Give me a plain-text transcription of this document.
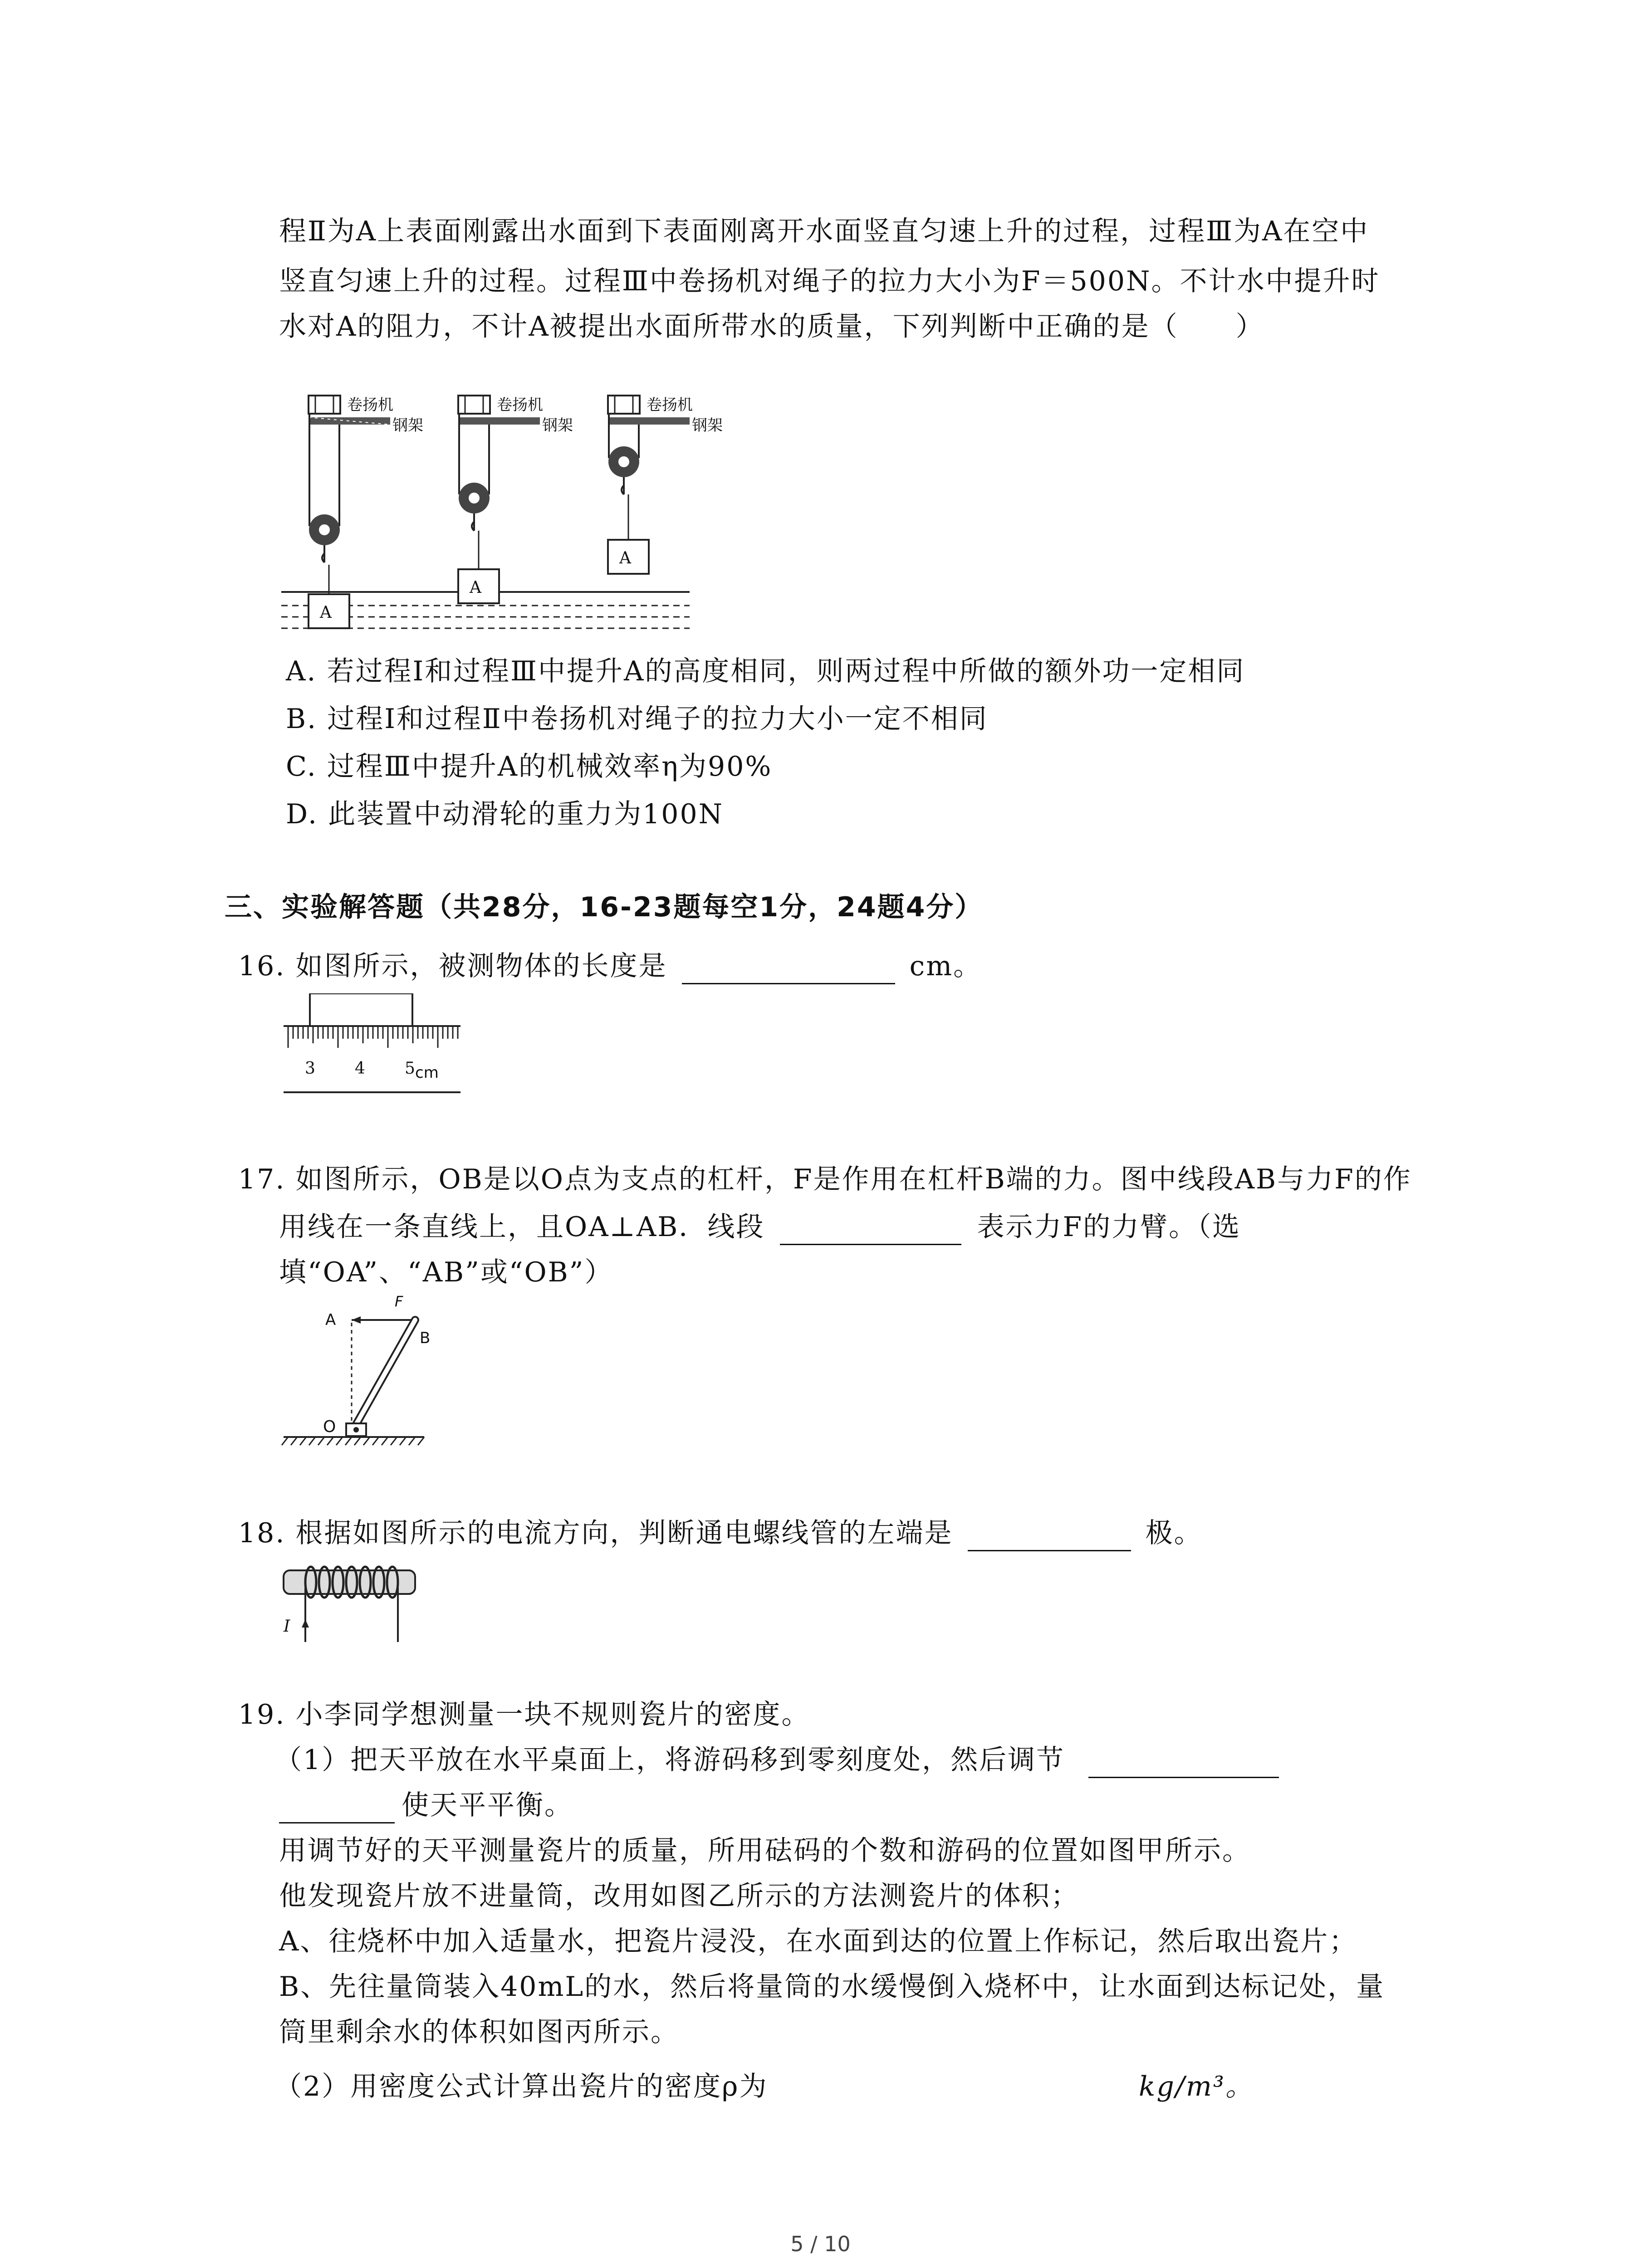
程Ⅱ为A上表面刚露出水面到下表面刚离开水面竖直匀速上升的过程，过程Ⅲ为A在空中
竖直匀速上升的过程。过程Ⅲ中卷扬机对绳子的拉力大小为F＝500N。不计水中提升时
水对A的阻力，不计A被提出水面所带水的质量，下列判断中正确的是（　　）
卷扬机
钢架
卷扬机
钢架
卷扬机
钢架
A
A
A
A. 若过程Ⅰ和过程Ⅲ中提升A的高度相同，则两过程中所做的额外功一定相同
B. 过程I和过程Ⅱ中卷扬机对绳子的拉力大小一定不相同
C. 过程Ⅲ中提升A的机械效率η为90%
D. 此装置中动滑轮的重力为100N
三、实验解答题（共28分，16-23题每空1分，24题4分）
16. 如图所示，被测物体的长度是	cm。
3 4 5 cm
17. 如图所示，OB是以O点为支点的杠杆，F是作用在杠杆B端的力。图中线段AB与力F的作
用线在一条直线上，且OA⊥AB．线段	表示力F的力臂。（选
填“OA”、“AB”或“OB”）
A
F
B
O
18. 根据如图所示的电流方向，判断通电螺线管的左端是	极。
I
19. 小李同学想测量一块不规则瓷片的密度。
（1）把天平放在水平桌面上，将游码移到零刻度处，然后调节
使天平平衡。
用调节好的天平测量瓷片的质量，所用砝码的个数和游码的位置如图甲所示。
他发现瓷片放不进量筒，改用如图乙所示的方法测瓷片的体积；
A、往烧杯中加入适量水，把瓷片浸没，在水面到达的位置上作标记，然后取出瓷片；
B、先往量筒装入40mL的水，然后将量筒的水缓慢倒入烧杯中，让水面到达标记处，量
筒里剩余水的体积如图丙所示。
（2）用密度公式计算出瓷片的密度ρ为	kg/m³。
5 / 10
